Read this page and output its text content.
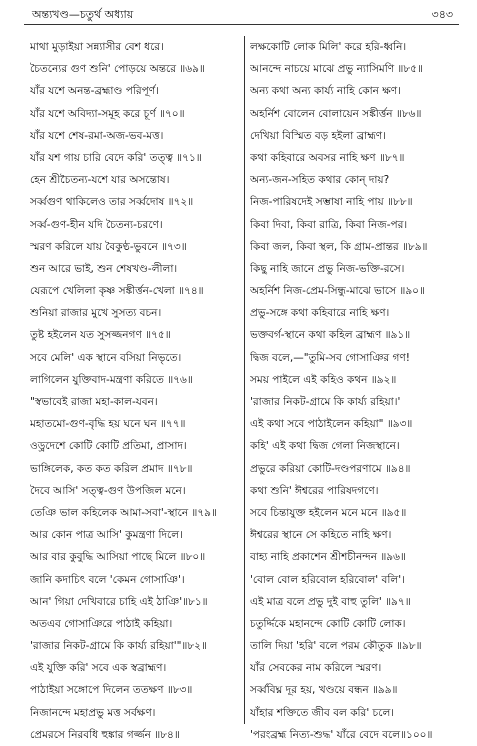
অন্ত্যখণ্ড—চতুর্থ অধ্যায়	৩৪৩
মাথা মুড়াইয়া সন্ন্যাসীর বেশ ধরে।
চৈতন্যের গুণ শুনি' পোড়য়ে অন্তরে ॥৬৯॥
যাঁর যশে অনন্ত-ব্রহ্মাণ্ড পরিপূর্ণ।
যাঁর যশে অবিদ্যা-সমূহ করে চূর্ণ ॥৭০॥
যাঁর যশে শেষ-রমা-অজ-ভব-মত্ত।
যাঁর যশ গায় চারি বেদে করি' তত্ত্ব ॥৭১॥
হেন শ্রীচৈতন্য-যশে যার অসন্তোষ।
সর্ব্বগুণ থাকিলেও তার সর্ব্বদোষ ॥৭২॥
সর্ব্ব-গুণ-হীন যদি চৈতন্য-চরণে।
স্মরণ করিলে যায় বৈকুণ্ঠ-ভুবনে ॥৭৩॥
শুন আরে ভাই, শুন শেষখণ্ড-লীলা।
যেরূপে খেলিলা কৃষ্ণ সঙ্কীর্ত্তন-খেলা ॥৭৪॥
শুনিয়া রাজার মুখে সুসত্য বচন।
তুষ্ট হইলেন যত সুসজ্জনগণ ॥৭৫॥
সবে মেলি' এক স্থানে বসিয়া নিভৃতে।
লাগিলেন যুক্তিবাদ-মন্ত্রণা করিতে ॥৭৬॥
"স্বভাবেই রাজা মহা-কাল-যবন।
মহাতমো-গুণ-বৃদ্ধি হয় ঘনে ঘন ॥৭৭॥
ওড়্রদেশে কোটি কোটি প্রতিমা, প্রাসাদ।
ভাঙ্গিলেক, কত কত করিল প্রমাদ ॥৭৮॥
দৈবে আসি' সত্ত্ব-গুণ উপজিল মনে।
তেঞি ভাল কহিলেক আমা-সবা'-স্থানে ॥৭৯॥
আর কোন পাত্র আসি' কুমন্ত্রণা দিলে।
আর বার কুবুদ্ধি আসিয়া পাছে মিলে ॥৮০॥
জানি কদাচিৎ বলে 'কেমন গোসাঞি'।
আন' গিয়া দেখিবারে চাহি এই ঠাঞি'॥৮১॥
অতএব গোসাঞিরে পাঠাই কহিয়া।
'রাজার নিকট-গ্রামে কি কার্য্য রহিয়া'"॥৮২॥
এই যুক্তি করি' সবে এক স্বব্রাহ্মণ।
পাঠাইয়া সঙ্গোপে দিলেন ততক্ষণ ॥৮৩॥
নিজানন্দে মহাপ্রভু মত্ত সর্বক্ষণ।
প্রেমরসে নিরবধি হুঙ্কার গর্জ্জন ॥৮৪॥
লক্ষকোটি লোক মিলি' করে হরি-ধ্বনি।
আনন্দে নাচয়ে মাঝে প্রভু ন্যাসিমণি ॥৮৫॥
অন্য কথা অন্য কার্য্য নাহি কোন ক্ষণ।
অহর্নিশ বোলেন বোলায়েন সঙ্কীর্ত্তন ॥৮৬॥
দেখিয়া বিস্মিত বড় হইলা ব্রাহ্মণ।
কথা কহিবারে অবসর নাহি ক্ষণ ॥৮৭॥
অন্য-জন-সহিত কথার কোন্ দায়?
নিজ-পারিষদেই সম্ভাষা নাহি পায় ॥৮৮॥
কিবা দিবা, কিবা রাত্রি, কিবা নিজ-পর।
কিবা জল, কিবা স্থল, কি গ্রাম-প্রান্তর ॥৮৯॥
কিছু নাহি জানে প্রভু নিজ-ভক্তি-রসে।
অহর্নিশ নিজ-প্রেম-সিন্ধু-মাঝে ভাসে ॥৯০॥
প্রভু-সঙ্গে কথা কহিবারে নাহি ক্ষণ।
ভক্তবর্গ-স্থানে কথা কহিল ব্রাহ্মণ ॥৯১॥
দ্বিজ বলে,—"তুমি-সব গোসাঞির গণ!
সময় পাইলে এই কহিও কথন ॥৯২॥
'রাজার নিকট-গ্রামে কি কার্য্য রহিয়া।'
এই কথা সবে পাঠাইলেন কহিয়া" ॥৯৩॥
কহি' এই কথা দ্বিজ গেলা নিজস্থানে।
প্রভুরে করিয়া কোটি-দণ্ডপরণামে ॥৯৪॥
কথা শুনি' ঈশ্বরের পারিষদগণে।
সবে চিন্তাযুক্ত হইলেন মনে মনে ॥৯৫॥
ঈশ্বরের স্থানে সে কহিতে নাহি ক্ষণ।
বাহ্য নাহি প্রকাশেন শ্রীশচীনন্দন ॥৯৬॥
'বোল বোল হরিবোল হরিবোল' বলি'।
এই মাত্র বলে প্রভু দুই বাহু তুলি' ॥৯৭॥
চতুর্দ্দিকে মহানন্দে কোটি কোটি লোক।
তালি দিয়া 'হরি' বলে পরম কৌতুক ॥৯৮॥
যাঁর সেবকের নাম করিলে স্মরণ।
সর্ব্ববিঘ্ন দূর হয়, খণ্ডয়ে বন্ধন ॥৯৯॥
যাঁহার শক্তিতে জীব বল করি' চলে।
'পরংব্রহ্ম নিত্য-শুদ্ধ' যাঁরে বেদে বলে॥১০০॥
